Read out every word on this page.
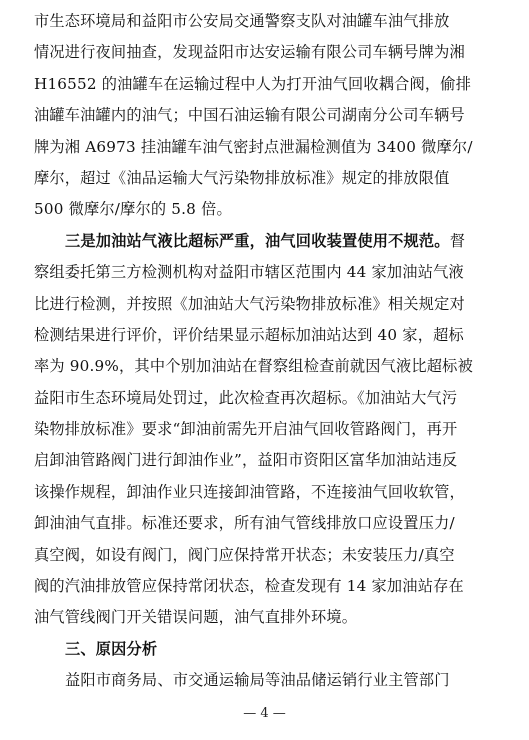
市生态环境局和益阳市公安局交通警察支队对油罐车油气排放
情况进行夜间抽查，发现益阳市达安运输有限公司车辆号牌为湘
H16552 的油罐车在运输过程中人为打开油气回收耦合阀，偷排
油罐车油罐内的油气；中国石油运输有限公司湖南分公司车辆号
牌为湘 A6973 挂油罐车油气密封点泄漏检测值为 3400 微摩尔/
摩尔，超过《油品运输大气污染物排放标准》规定的排放限值
500 微摩尔/摩尔的 5.8 倍。
三是加油站气液比超标严重，油气回收装置使用不规范。督
察组委托第三方检测机构对益阳市辖区范围内 44 家加油站气液
比进行检测，并按照《加油站大气污染物排放标准》相关规定对
检测结果进行评价，评价结果显示超标加油站达到 40 家，超标
率为 90.9%，其中个别加油站在督察组检查前就因气液比超标被
益阳市生态环境局处罚过，此次检查再次超标。《加油站大气污
染物排放标准》要求“卸油前需先开启油气回收管路阀门，再开
启卸油管路阀门进行卸油作业”，益阳市资阳区富华加油站违反
该操作规程，卸油作业只连接卸油管路，不连接油气回收软管，
卸油油气直排。标准还要求，所有油气管线排放口应设置压力/
真空阀，如设有阀门，阀门应保持常开状态；未安装压力/真空
阀的汽油排放管应保持常闭状态，检查发现有 14 家加油站存在
油气管线阀门开关错误问题，油气直排外环境。
三、原因分析
益阳市商务局、市交通运输局等油品储运销行业主管部门
— 4 —
